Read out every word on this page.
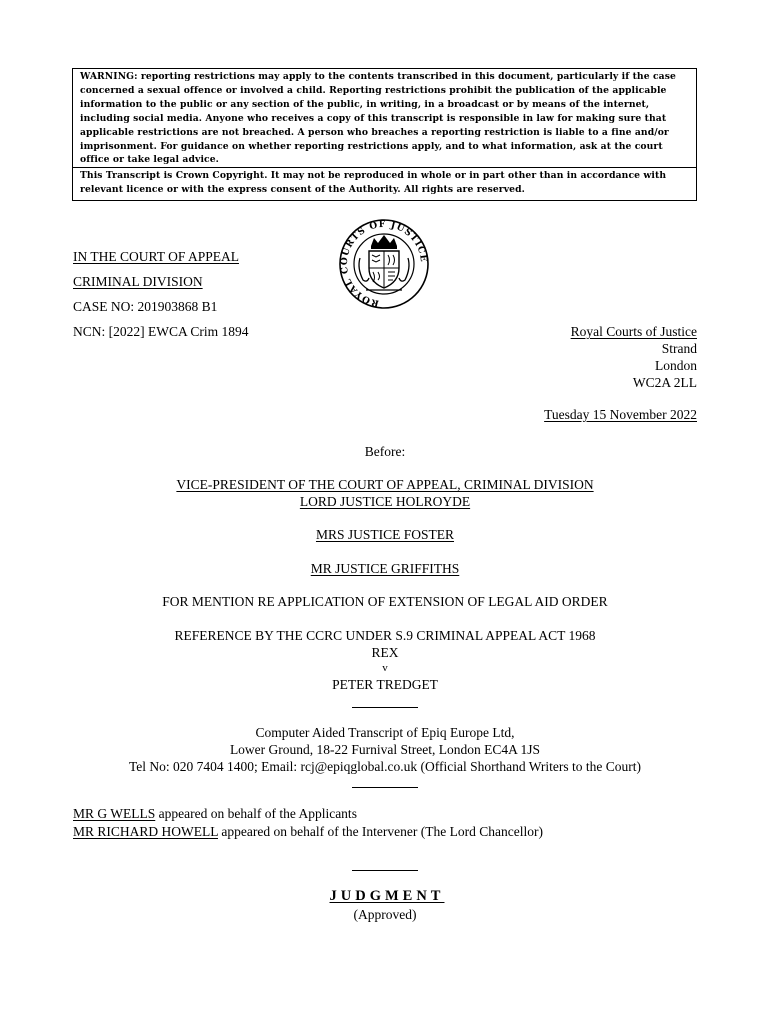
WARNING: reporting restrictions may apply to the contents transcribed in this document, particularly if the case concerned a sexual offence or involved a child. Reporting restrictions prohibit the publication of the applicable information to the public or any section of the public, in writing, in a broadcast or by means of the internet, including social media. Anyone who receives a copy of this transcript is responsible in law for making sure that applicable restrictions are not breached. A person who breaches a reporting restriction is liable to a fine and/or imprisonment. For guidance on whether reporting restrictions apply, and to what information, ask at the court office or take legal advice.
This Transcript is Crown Copyright. It may not be reproduced in whole or in part other than in accordance with relevant licence or with the express consent of the Authority. All rights are reserved.
ROYAL COURTS OF JUSTICE
IN THE COURT OF APPEAL
CRIMINAL DIVISION
CASE NO: 201903868 B1
NCN: [2022] EWCA Crim 1894	Royal Courts of Justice
Strand
London
WC2A 2LL
Tuesday 15 November 2022
Before:
VICE-PRESIDENT OF THE COURT OF APPEAL, CRIMINAL DIVISION
LORD JUSTICE HOLROYDE
MRS JUSTICE FOSTER
MR JUSTICE GRIFFITHS
FOR MENTION RE APPLICATION OF EXTENSION OF LEGAL AID ORDER
REFERENCE BY THE CCRC UNDER S.9 CRIMINAL APPEAL ACT 1968
REX
v
PETER TREDGET
Computer Aided Transcript of Epiq Europe Ltd,
Lower Ground, 18-22 Furnival Street, London EC4A 1JS
Tel No: 020 7404 1400; Email: rcj@epiqglobal.co.uk (Official Shorthand Writers to the Court)
MR G WELLS appeared on behalf of the Applicants
MR RICHARD HOWELL appeared on behalf of the Intervener (The Lord Chancellor)
JUDGMENT
(Approved)
